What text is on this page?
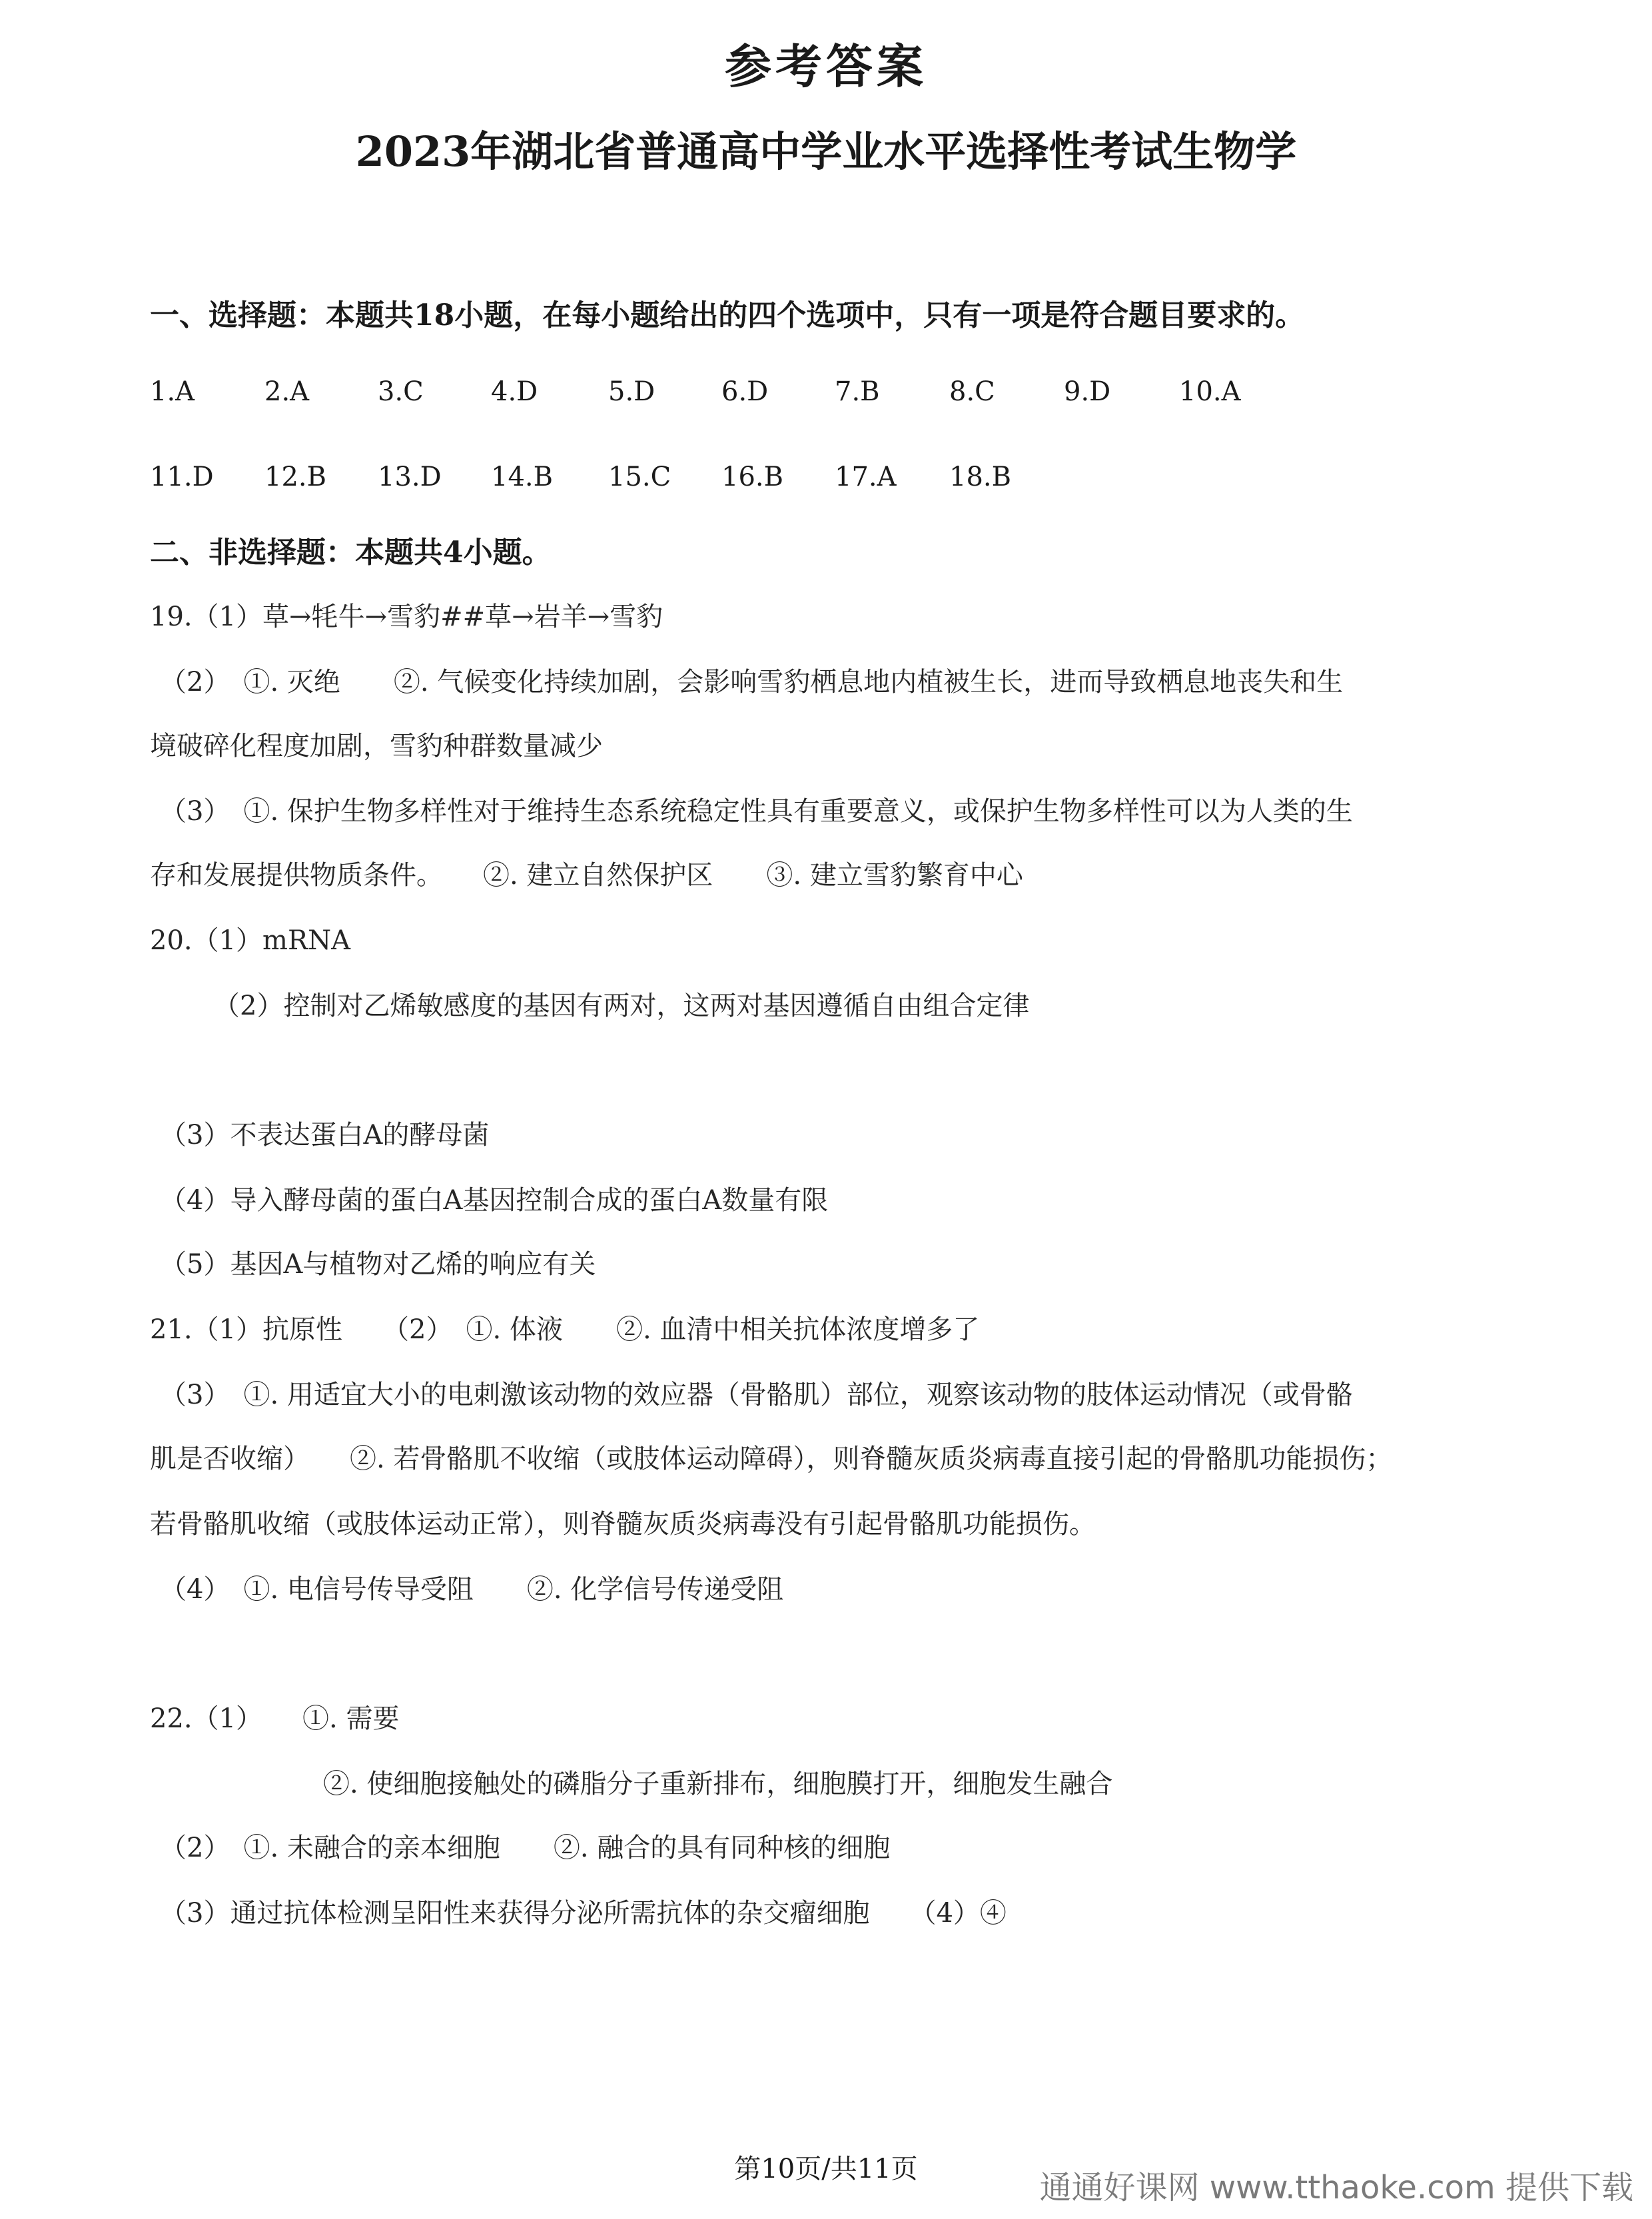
参考答案
2023年湖北省普通高中学业水平选择性考试生物学
一、选择题：本题共18小题，在每小题给出的四个选项中，只有一项是符合题目要求的。
1.A	2.A	3.C	4.D	5.D 6.D 7.B	8.C	9.D	10.A
11.D 12.B 13.D 14.B 15.C 16.B 17.A 18.B
二、非选择题：本题共4小题。
19.（1）草→牦牛→雪豹##草→岩羊→雪豹
（2）　①. 灭绝　　②. 气候变化持续加剧，会影响雪豹栖息地内植被生长，进而导致栖息地丧失和生
境破碎化程度加剧，雪豹种群数量减少
（3）　①. 保护生物多样性对于维持生态系统稳定性具有重要意义，或保护生物多样性可以为人类的生
存和发展提供物质条件。　　②. 建立自然保护区　　③. 建立雪豹繁育中心
20.（1）mRNA
（2）控制对乙烯敏感度的基因有两对，这两对基因遵循自由组合定律
（3）不表达蛋白A的酵母菌
（4）导入酵母菌的蛋白A基因控制合成的蛋白A数量有限
（5）基因A与植物对乙烯的响应有关
21.（1）抗原性　　（2）　①. 体液　　②. 血清中相关抗体浓度增多了
（3）　①. 用适宜大小的电刺激该动物的效应器（骨骼肌）部位，观察该动物的肢体运动情况（或骨骼
肌是否收缩）　　②. 若骨骼肌不收缩（或肢体运动障碍），则脊髓灰质炎病毒直接引起的骨骼肌功能损伤；
若骨骼肌收缩（或肢体运动正常），则脊髓灰质炎病毒没有引起骨骼肌功能损伤。
（4）　①. 电信号传导受阻　　②. 化学信号传递受阻
22.（1）　　①. 需要
②. 使细胞接触处的磷脂分子重新排布，细胞膜打开，细胞发生融合
（2）　①. 未融合的亲本细胞　　②. 融合的具有同种核的细胞
（3）通过抗体检测呈阳性来获得分泌所需抗体的杂交瘤细胞　　（4）④
第10页/共11页	通通好课网 www.tthaoke.com 提供下载
